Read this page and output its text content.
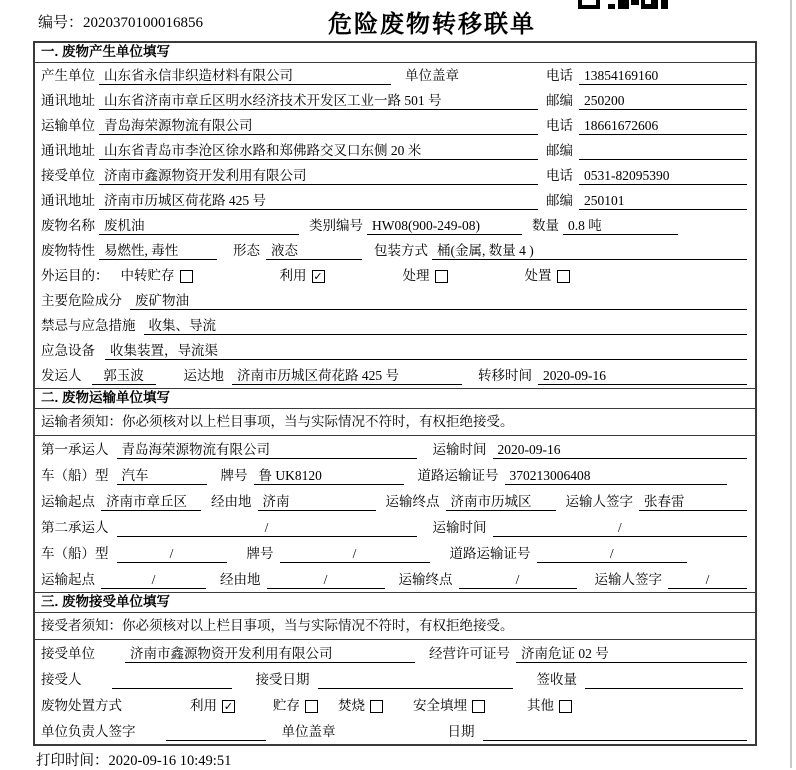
编号：2020370100016856	危险废物转移联单
一. 废物产生单位填写
产生单位 山东省永信非织造材料有限公司	单位盖章	电话 13854169160
通讯地址 山东省济南市章丘区明水经济技术开发区工业一路 501 号	邮编 250200
运输单位 青岛海荣源物流有限公司	电话 18661672606
通讯地址 山东省青岛市李沧区徐水路和郑佛路交叉口东侧 20 米	邮编
接受单位 济南市鑫源物资开发利用有限公司	电话 0531-82095390
通讯地址 济南市历城区荷花路 425 号	邮编 250101
废物名称 废机油	类别编号 HW08(900-249-08)	数量 0.8 吨
废物特性 易燃性, 毒性	形态 液态	包装方式 桶(金属, 数量 4 )
外运目的： 中转贮存	利用 ✓	处理	处置
主要危险成分 废矿物油
禁忌与应急措施 收集、导流
应急设备	收集装置，导流渠
发运人	郭玉波	运达地 济南市历城区荷花路 425 号	转移时间 2020-09-16
二. 废物运输单位填写
运输者须知：你必须核对以上栏目事项，当与实际情况不符时，有权拒绝接受。
第一承运人 青岛海荣源物流有限公司	运输时间 2020-09-16
车（船）型 汽车	牌号 鲁 UK8120	道路运输证号 370213006408
运输起点 济南市章丘区	经由地 济南	运输终点 济南市历城区	运输人签字 张春雷
第二承运人	/	运输时间	/
车（船）型	/	牌号	/	道路运输证号	/
运输起点	/	经由地	/	运输终点	/	运输人签字	/
三. 废物接受单位填写
接受者须知：你必须核对以上栏目事项，当与实际情况不符时，有权拒绝接受。
接受单位	济南市鑫源物资开发利用有限公司	经营许可证号 济南危证 02 号
接受人	接受日期	签收量
废物处置方式	利用 ✓	贮存	焚烧	安全填埋	其他
单位负责人签字	单位盖章	日期
打印时间：2020-09-16 10:49:51
